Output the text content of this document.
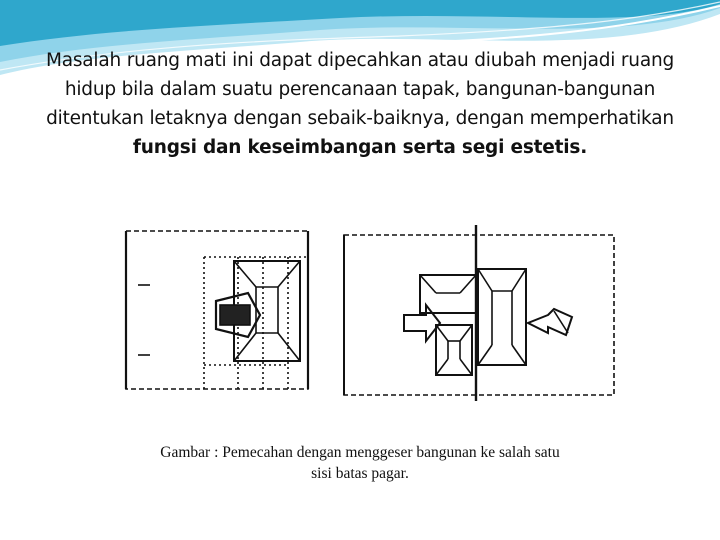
Masalah ruang mati ini dapat dipecahkan atau diubah menjadi ruang hidup bila dalam suatu perencanaan tapak, bangunan-bangunan ditentukan letaknya dengan sebaik-baiknya, dengan memperhatikan fungsi dan keseimbangan serta segi estetis.
Gambar : Pemecahan dengan menggeser bangunan ke salah satu
sisi batas pagar.
